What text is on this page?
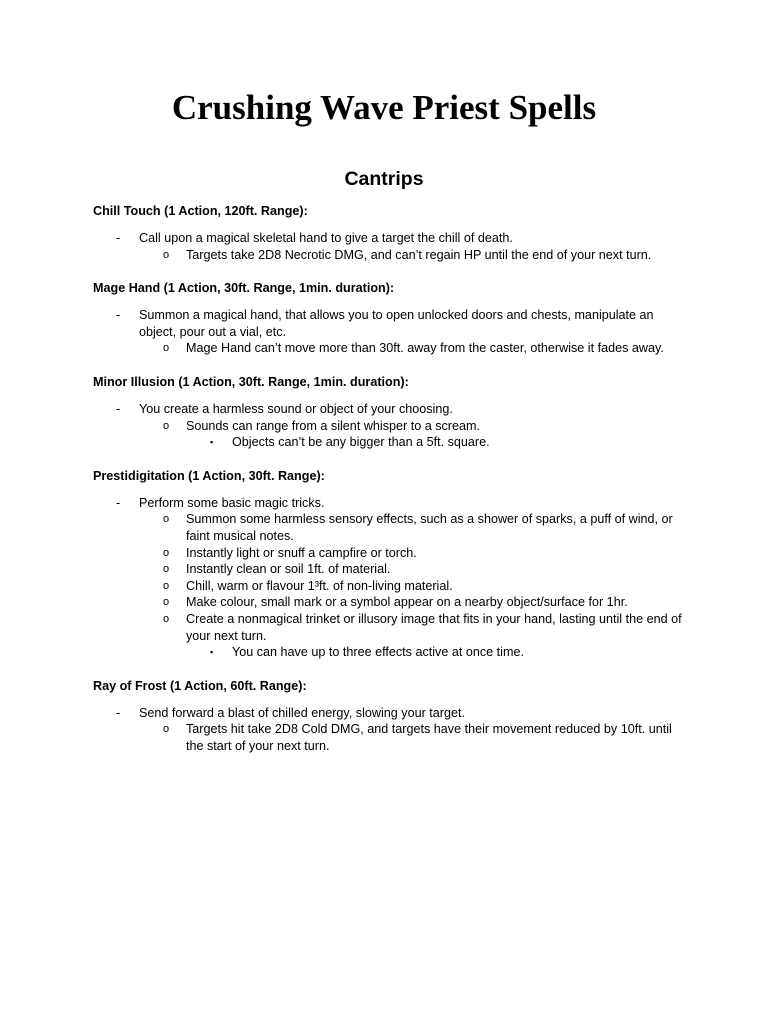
Crushing Wave Priest Spells
Cantrips

Chill Touch (1 Action, 120ft. Range):

- Call upon a magical skeletal hand to give a target the chill of death.
o Targets take 2D8 Necrotic DMG, and can’t regain HP until the end of your next turn.

Mage Hand (1 Action, 30ft. Range, 1min. duration):

- Summon a magical hand, that allows you to open unlocked doors and chests, manipulate an object, pour out a vial, etc.
o Mage Hand can’t move more than 30ft. away from the caster, otherwise it fades away.

Minor Illusion (1 Action, 30ft. Range, 1min. duration):

- You create a harmless sound or object of your choosing.
o Sounds can range from a silent whisper to a scream.
▪ Objects can’t be any bigger than a 5ft. square.

Prestidigitation (1 Action, 30ft. Range):

- Perform some basic magic tricks.
o Summon some harmless sensory effects, such as a shower of sparks, a puff of wind, or faint musical notes.
o Instantly light or snuff a campfire or torch.
o Instantly clean or soil 1ft. of material.
o Chill, warm or flavour 1³ft. of non-living material.
o Make colour, small mark or a symbol appear on a nearby object/surface for 1hr.
o Create a nonmagical trinket or illusory image that fits in your hand, lasting until the end of your next turn.
▪ You can have up to three effects active at once time.

Ray of Frost (1 Action, 60ft. Range):

- Send forward a blast of chilled energy, slowing your target.
o Targets hit take 2D8 Cold DMG, and targets have their movement reduced by 10ft. until the start of your next turn.
